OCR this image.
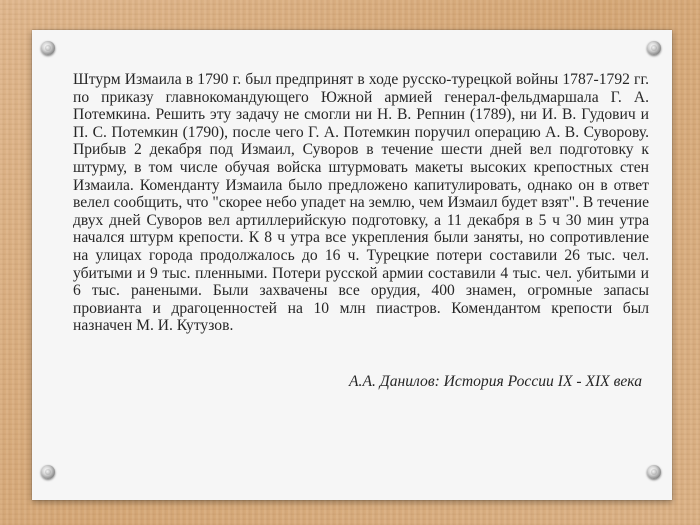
Штурм Измаила в 1790 г. был предпринят в ходе русско-турецкой войны 1787-1792 гг. по приказу главнокомандующего Южной армией генерал-фельдмаршала Г. А. Потемкина. Решить эту задачу не смогли ни Н. В. Репнин (1789), ни И. В. Гудович и П. С. Потемкин (1790), после чего Г. А. Потемкин поручил операцию А. В. Суворову. Прибыв 2 декабря под Измаил, Суворов в течение шести дней вел подготовку к штурму, в том числе обучая войска штурмовать макеты высоких крепостных стен Измаила. Коменданту Измаила было предложено капитулировать, однако он в ответ велел сообщить, что "скорее небо упадет на землю, чем Измаил будет взят". В течение двух дней Суворов вел артиллерийскую подготовку, а 11 декабря в 5 ч 30 мин утра начался штурм крепости. К 8 ч утра все укрепления были заняты, но сопротивление на улицах города продолжалось до 16 ч. Турецкие потери составили 26 тыс. чел. убитыми и 9 тыс. пленными. Потери русской армии составили 4 тыс. чел. убитыми и 6 тыс. ранеными. Были захвачены все орудия, 400 знамен, огромные запасы провианта и драгоценностей на 10 млн пиастров. Комендантом крепости был назначен М. И. Кутузов.

А.А. Данилов: История России IX - XIX века
